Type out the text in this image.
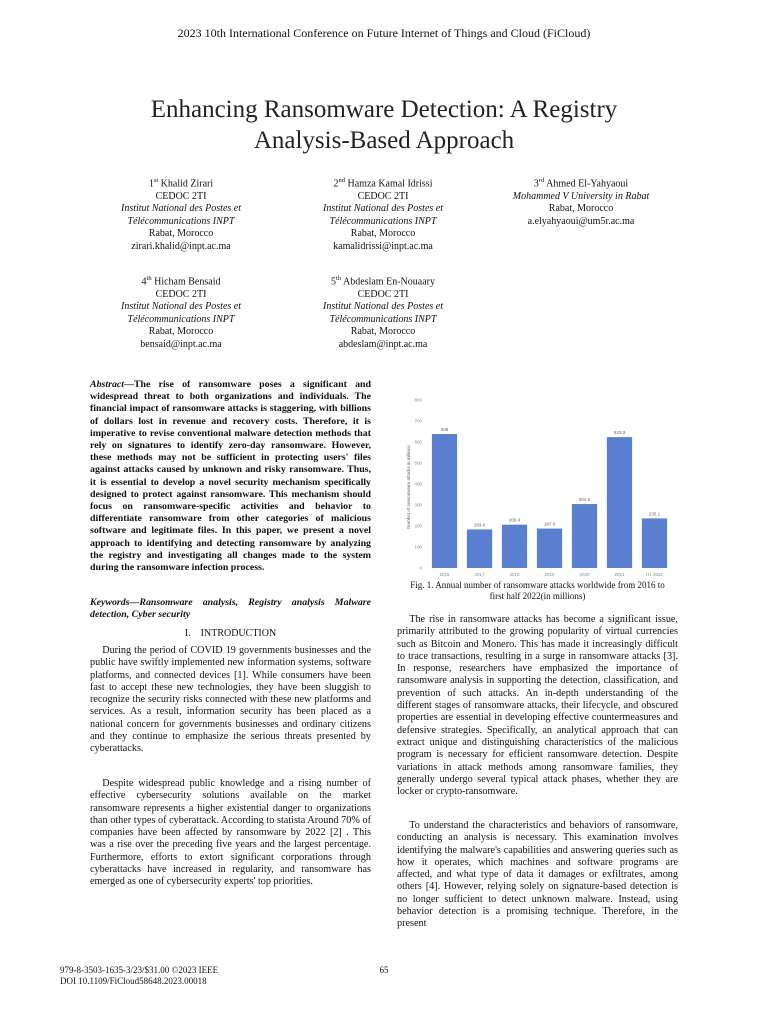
2023 10th International Conference on Future Internet of Things and Cloud (FiCloud)
Enhancing Ransomware Detection: A Registry
Analysis-Based Approach
1st Khalid Zirari
CEDOC 2TI
Institut National des Postes et
Télécommunications INPT
Rabat, Morocco
zirari.khalid@inpt.ac.ma
2nd Hamza Kamal Idrissi
CEDOC 2TI
Institut National des Postes et
Télécommunications INPT
Rabat, Morocco
kamalidrissi@inpt.ac.ma
3rd Ahmed El-Yahyaoui
Mohammed V University in Rabat
Rabat, Morocco
a.elyahyaoui@um5r.ac.ma
4th Hicham Bensaid
CEDOC 2TI
Institut National des Postes et
Télécommunications INPT
Rabat, Morocco
bensaid@inpt.ac.ma
5th Abdeslam En-Nouaary
CEDOC 2TI
Institut National des Postes et
Télécommunications INPT
Rabat, Morocco
abdeslam@inpt.ac.ma

Abstract—The rise of ransomware poses a significant and widespread threat to both organizations and individuals. The financial impact of ransomware attacks is staggering, with billions of dollars lost in revenue and recovery costs. Therefore, it is imperative to revise conventional malware detection methods that rely on signatures to identify zero-day ransomware. However, these methods may not be sufficient in protecting users' files against attacks caused by unknown and risky ransomware. Thus, it is essential to develop a novel security mechanism specifically designed to protect against ransomware. This mechanism should focus on ransomware-specific activities and behavior to differentiate ransomware from other categories of malicious software and legitimate files. In this paper, we present a novel approach to identifying and detecting ransomware by analyzing the registry and investigating all changes made to the system during the ransomware infection process.

Keywords—Ransomware analysis, Registry analysis Malware detection, Cyber security

I. INTRODUCTION

During the period of COVID 19 governments businesses and the public have swiftly implemented new information systems, software platforms, and connected devices [1]. While consumers have been fast to accept these new technologies, they have been sluggish to recognize the security risks connected with these new platforms and services. As a result, information security has been placed as a national concern for governments businesses and ordinary citizens and they continue to emphasize the serious threats presented by cyberattacks.

Despite widespread public knowledge and a rising number of effective cybersecurity solutions available on the market ransomware represents a higher existential danger to organizations than other types of cyberattack. According to statista Around 70% of companies have been affected by ransomware by 2022 [2] . This was a rise over the preceding five years and the largest percentage. Furthermore, efforts to extort significant corporations through cyberattacks have increased in regularity, and ransomware has emerged as one of cybersecurity experts' top priorities.

Number of ransomware attacks in millions
0
100
200
300
400
500
600
700
800
638
2016
183.6
2017
206.4
2018
187.9
2019
304.6
2020
623.3
2021
236.1
H1 2022
Fig. 1. Annual number of ransomware attacks worldwide from 2016 to
first half 2022(in millions)

The rise in ransomware attacks has become a significant issue, primarily attributed to the growing popularity of virtual currencies such as Bitcoin and Monero. This has made it increasingly difficult to trace transactions, resulting in a surge in ransomware attacks [3]. In response, researchers have emphasized the importance of ransomware analysis in supporting the detection, classification, and prevention of such attacks. An in-depth understanding of the different stages of ransomware attacks, their lifecycle, and obscured properties are essential in developing effective countermeasures and defensive strategies. Specifically, an analytical approach that can extract unique and distinguishing characteristics of the malicious program is necessary for efficient ransomware detection. Despite variations in attack methods among ransomware families, they generally undergo several typical attack phases, whether they are locker or crypto-ransomware.

To understand the characteristics and behaviors of ransomware, conducting an analysis is necessary. This examination involves identifying the malware's capabilities and answering queries such as how it operates, which machines and software programs are affected, and what type of data it damages or exfiltrates, among others [4]. However, relying solely on signature-based detection is no longer sufficient to detect unknown malware. Instead, using behavior detection is a promising technique. Therefore, in the present

979-8-3503-1635-3/23/$31.00 ©2023 IEEE
DOI 10.1109/FiCloud58648.2023.00018
65
